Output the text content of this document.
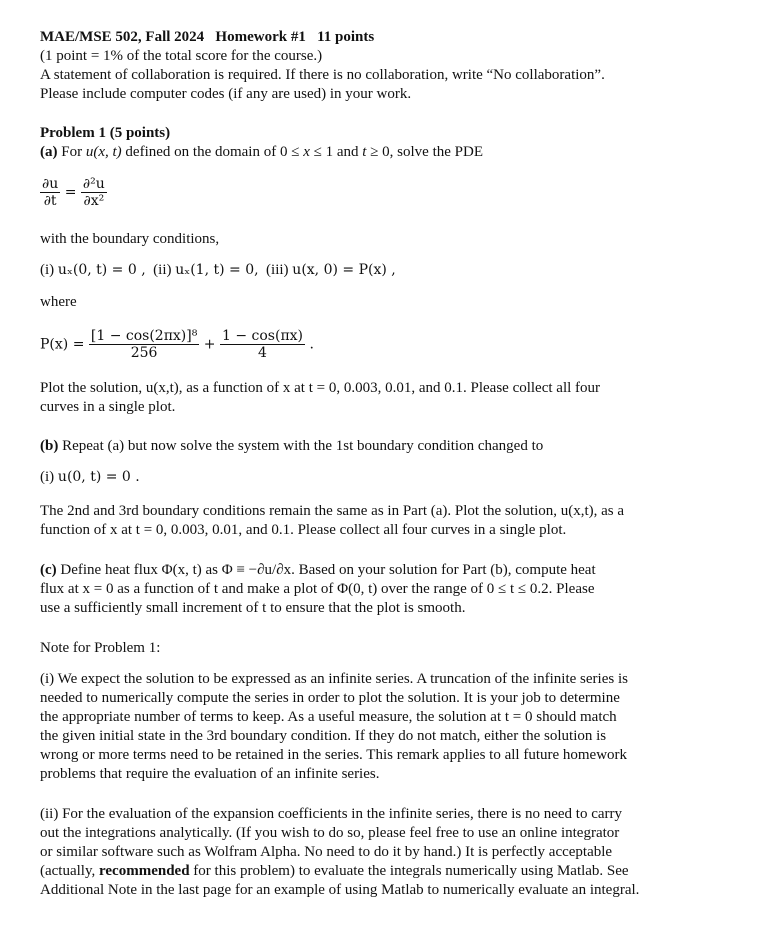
MAE/MSE 502, Fall 2024 Homework #1 11 points
(1 point = 1% of the total score for the course.)
A statement of collaboration is required. If there is no collaboration, write “No collaboration”.
Please include computer codes (if any are used) in your work.
Problem 1 (5 points)
(a) For u(x, t) defined on the domain of 0 ≤ x ≤ 1 and t ≥ 0, solve the PDE
$\frac{\partial u}{\partial t} = \frac{\text{∂²u}}{\text{∂x²}}$
with the boundary conditions,
(i) uₓ(0, t) = 0 , (ii) uₓ(1, t) = 0, (iii) u(x, 0) = P(x) ,
where
$P(x) = \frac{\text{[1 − cos(2πx)]⁸}}{256} + \frac{1 - \cos(\pi x)}{4}$ .
Plot the solution, u(x,t), as a function of x at t = 0, 0.003, 0.01, and 0.1. Please collect all four
curves in a single plot.
(b) Repeat (a) but now solve the system with the 1st boundary condition changed to
(i) u(0, t) = 0 .
The 2nd and 3rd boundary conditions remain the same as in Part (a). Plot the solution, u(x,t), as a
function of x at t = 0, 0.003, 0.01, and 0.1. Please collect all four curves in a single plot.
(c) Define heat flux Φ(x, t) as Φ ≡ −∂u/∂x. Based on your solution for Part (b), compute heat
flux at x = 0 as a function of t and make a plot of Φ(0, t) over the range of 0 ≤ t ≤ 0.2. Please
use a sufficiently small increment of t to ensure that the plot is smooth.
Note for Problem 1:
(i) We expect the solution to be expressed as an infinite series. A truncation of the infinite series is
needed to numerically compute the series in order to plot the solution. It is your job to determine
the appropriate number of terms to keep. As a useful measure, the solution at t = 0 should match
the given initial state in the 3rd boundary condition. If they do not match, either the solution is
wrong or more terms need to be retained in the series. This remark applies to all future homework
problems that require the evaluation of an infinite series.
(ii) For the evaluation of the expansion coefficients in the infinite series, there is no need to carry
out the integrations analytically. (If you wish to do so, please feel free to use an online integrator
or similar software such as Wolfram Alpha. No need to do it by hand.) It is perfectly acceptable
(actually, recommended for this problem) to evaluate the integrals numerically using Matlab. See
Additional Note in the last page for an example of using Matlab to numerically evaluate an integral.
